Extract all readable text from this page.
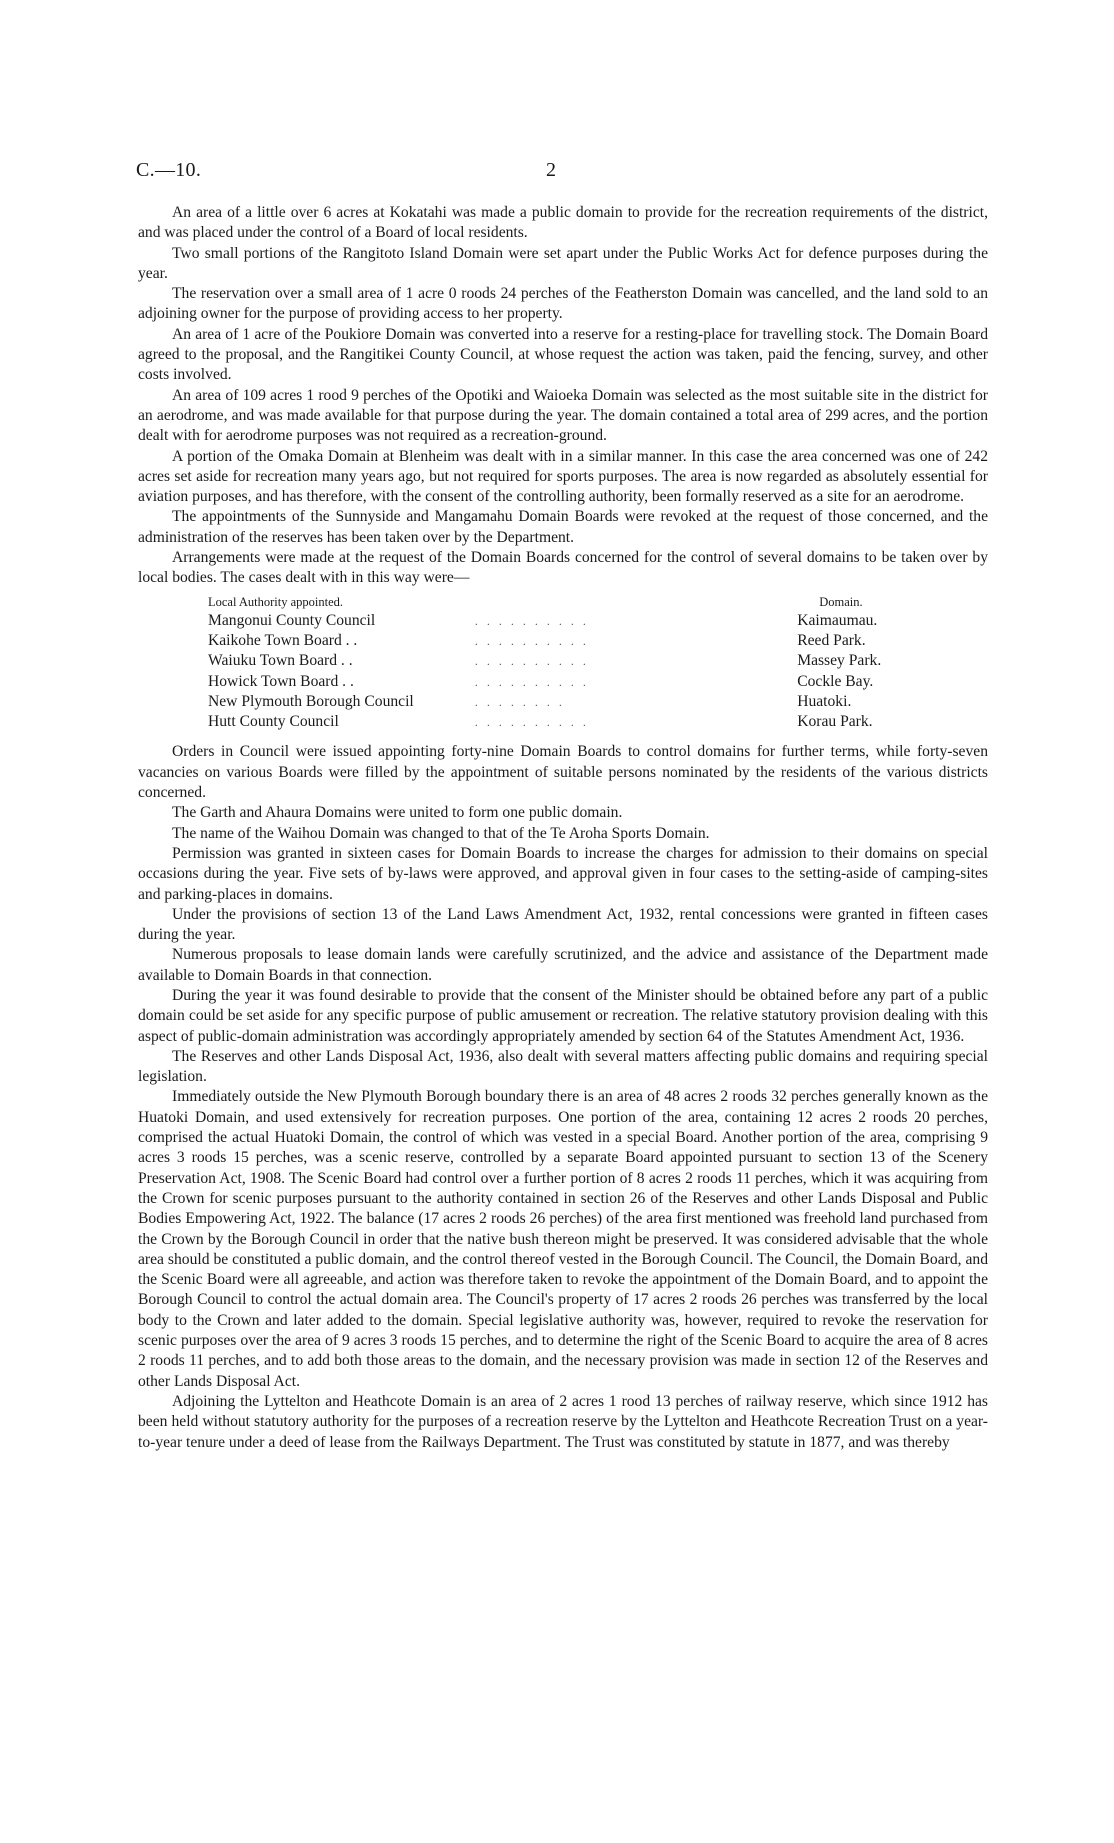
C.—10.	2

An area of a little over 6 acres at Kokatahi was made a public domain to provide for the recreation requirements of the district, and was placed under the control of a Board of local residents.

Two small portions of the Rangitoto Island Domain were set apart under the Public Works Act for defence purposes during the year.

The reservation over a small area of 1 acre 0 roods 24 perches of the Featherston Domain was cancelled, and the land sold to an adjoining owner for the purpose of providing access to her property.

An area of 1 acre of the Poukiore Domain was converted into a reserve for a resting-place for travelling stock. The Domain Board agreed to the proposal, and the Rangitikei County Council, at whose request the action was taken, paid the fencing, survey, and other costs involved.

An area of 109 acres 1 rood 9 perches of the Opotiki and Waioeka Domain was selected as the most suitable site in the district for an aerodrome, and was made available for that purpose during the year. The domain contained a total area of 299 acres, and the portion dealt with for aerodrome purposes was not required as a recreation-ground.

A portion of the Omaka Domain at Blenheim was dealt with in a similar manner. In this case the area concerned was one of 242 acres set aside for recreation many years ago, but not required for sports purposes. The area is now regarded as absolutely essential for aviation purposes, and has therefore, with the consent of the controlling authority, been formally reserved as a site for an aerodrome.

The appointments of the Sunnyside and Mangamahu Domain Boards were revoked at the request of those concerned, and the administration of the reserves has been taken over by the Department.

Arrangements were made at the request of the Domain Boards concerned for the control of several domains to be taken over by local bodies. The cases dealt with in this way were—

Local Authority appointed.		Domain.
Mangonui County Council	. . . . . . . . . .	Kaimaumau.
Kaikohe Town Board . .	. . . . . . . . . .	Reed Park.
Waiuku Town Board . .	. . . . . . . . . .	Massey Park.
Howick Town Board . .	. . . . . . . . . .	Cockle Bay.
New Plymouth Borough Council	. . . . . . . .	Huatoki.
Hutt County Council	. . . . . . . . . .	Korau Park.

Orders in Council were issued appointing forty-nine Domain Boards to control domains for further terms, while forty-seven vacancies on various Boards were filled by the appointment of suitable persons nominated by the residents of the various districts concerned.

The Garth and Ahaura Domains were united to form one public domain.

The name of the Waihou Domain was changed to that of the Te Aroha Sports Domain.

Permission was granted in sixteen cases for Domain Boards to increase the charges for admission to their domains on special occasions during the year. Five sets of by-laws were approved, and approval given in four cases to the setting-aside of camping-sites and parking-places in domains.

Under the provisions of section 13 of the Land Laws Amendment Act, 1932, rental concessions were granted in fifteen cases during the year.

Numerous proposals to lease domain lands were carefully scrutinized, and the advice and assistance of the Department made available to Domain Boards in that connection.

During the year it was found desirable to provide that the consent of the Minister should be obtained before any part of a public domain could be set aside for any specific purpose of public amusement or recreation. The relative statutory provision dealing with this aspect of public-domain administration was accordingly appropriately amended by section 64 of the Statutes Amendment Act, 1936.

The Reserves and other Lands Disposal Act, 1936, also dealt with several matters affecting public domains and requiring special legislation.

Immediately outside the New Plymouth Borough boundary there is an area of 48 acres 2 roods 32 perches generally known as the Huatoki Domain, and used extensively for recreation purposes. One portion of the area, containing 12 acres 2 roods 20 perches, comprised the actual Huatoki Domain, the control of which was vested in a special Board. Another portion of the area, comprising 9 acres 3 roods 15 perches, was a scenic reserve, controlled by a separate Board appointed pursuant to section 13 of the Scenery Preservation Act, 1908. The Scenic Board had control over a further portion of 8 acres 2 roods 11 perches, which it was acquiring from the Crown for scenic purposes pursuant to the authority contained in section 26 of the Reserves and other Lands Disposal and Public Bodies Empowering Act, 1922. The balance (17 acres 2 roods 26 perches) of the area first mentioned was freehold land purchased from the Crown by the Borough Council in order that the native bush thereon might be preserved. It was considered advisable that the whole area should be constituted a public domain, and the control thereof vested in the Borough Council. The Council, the Domain Board, and the Scenic Board were all agreeable, and action was therefore taken to revoke the appointment of the Domain Board, and to appoint the Borough Council to control the actual domain area. The Council's property of 17 acres 2 roods 26 perches was transferred by the local body to the Crown and later added to the domain. Special legislative authority was, however, required to revoke the reservation for scenic purposes over the area of 9 acres 3 roods 15 perches, and to determine the right of the Scenic Board to acquire the area of 8 acres 2 roods 11 perches, and to add both those areas to the domain, and the necessary provision was made in section 12 of the Reserves and other Lands Disposal Act.

Adjoining the Lyttelton and Heathcote Domain is an area of 2 acres 1 rood 13 perches of railway reserve, which since 1912 has been held without statutory authority for the purposes of a recreation reserve by the Lyttelton and Heathcote Recreation Trust on a year-to-year tenure under a deed of lease from the Railways Department. The Trust was constituted by statute in 1877, and was thereby
